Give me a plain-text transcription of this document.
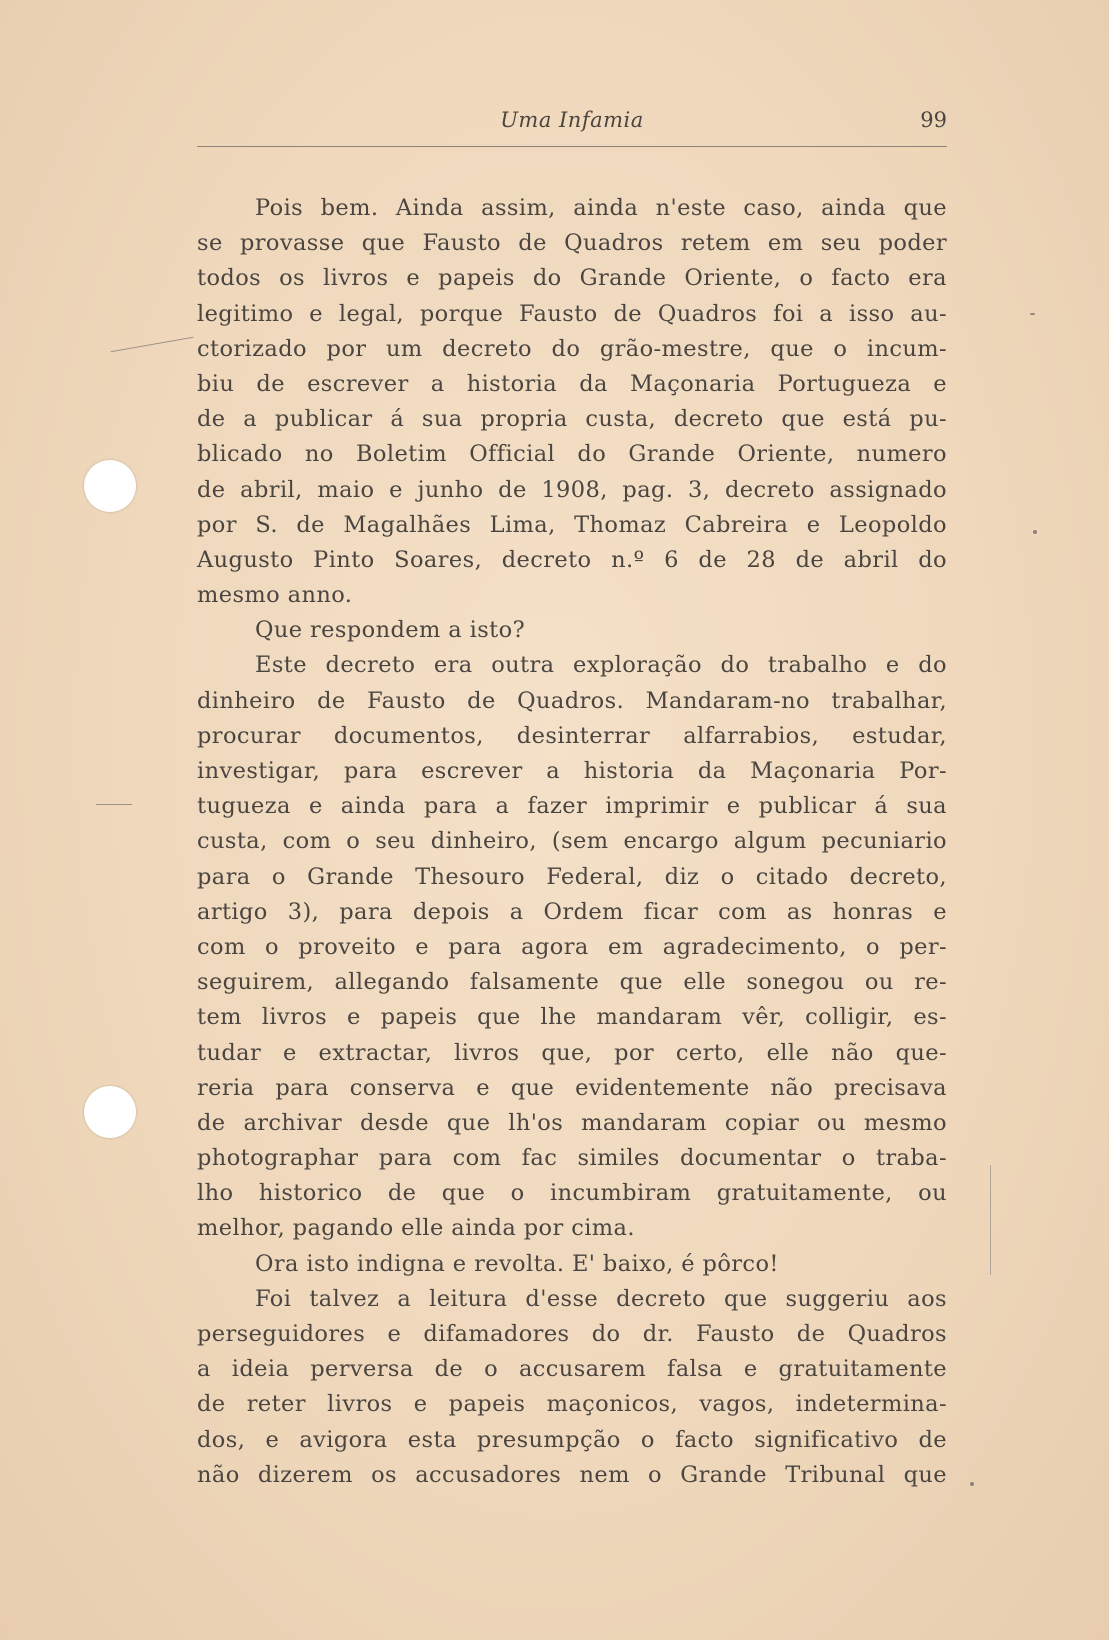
Uma Infamia	99
Pois bem. Ainda assim, ainda n'este caso, ainda que
se provasse que Fausto de Quadros retem em seu poder
todos os livros e papeis do Grande Oriente, o facto era
legitimo e legal, porque Fausto de Quadros foi a isso au-
ctorizado por um decreto do grão-mestre, que o incum-
biu de escrever a historia da Maçonaria Portugueza e
de a publicar á sua propria custa, decreto que está pu-
blicado no Boletim Official do Grande Oriente, numero
de abril, maio e junho de 1908, pag. 3, decreto assignado
por S. de Magalhães Lima, Thomaz Cabreira e Leopoldo
Augusto Pinto Soares, decreto n.º 6 de 28 de abril do
mesmo anno.
Que respondem a isto?
Este decreto era outra exploração do trabalho e do
dinheiro de Fausto de Quadros. Mandaram-no trabalhar,
procurar documentos, desinterrar alfarrabios, estudar,
investigar, para escrever a historia da Maçonaria Por-
tugueza e ainda para a fazer imprimir e publicar á sua
custa, com o seu dinheiro, (sem encargo algum pecuniario
para o Grande Thesouro Federal, diz o citado decreto,
artigo 3), para depois a Ordem ficar com as honras e
com o proveito e para agora em agradecimento, o per-
seguirem, allegando falsamente que elle sonegou ou re-
tem livros e papeis que lhe mandaram vêr, colligir, es-
tudar e extractar, livros que, por certo, elle não que-
reria para conserva e que evidentemente não precisava
de archivar desde que lh'os mandaram copiar ou mesmo
photographar para com fac similes documentar o traba-
lho historico de que o incumbiram gratuitamente, ou
melhor, pagando elle ainda por cima.
Ora isto indigna e revolta. E' baixo, é pôrco!
Foi talvez a leitura d'esse decreto que suggeriu aos
perseguidores e difamadores do dr. Fausto de Quadros
a ideia perversa de o accusarem falsa e gratuitamente
de reter livros e papeis maçonicos, vagos, indetermina-
dos, e avigora esta presumpção o facto significativo de
não dizerem os accusadores nem o Grande Tribunal que
